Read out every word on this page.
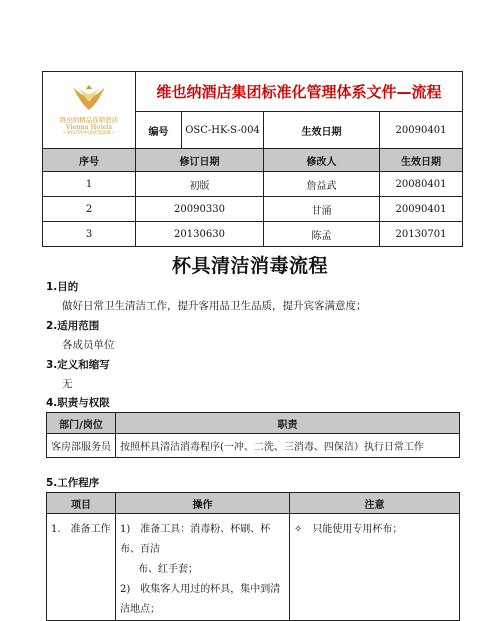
维也纳精品连锁酒店
Vienna Hotels
—VCCTV中国优选品牌—	维也纳酒店集团标准化管理体系文件—流程			
	编号	OSC-HK-S-004	生效日期	20090401
序号	修订日期		修改人	生效日期
1	初版		詹益武	20080401
2	20090330		甘涌	20090401
3	20130630		陈孟	20130701
杯具清洁消毒流程
1.目的
做好日常卫生清洁工作，提升客用品卫生品质，提升宾客满意度；
2.适用范围
各成员单位
3.定义和缩写
无
4.职责与权限
部门/岗位	职责
客房部服务员	按照杯具清洁消毒程序(一冲、二洗、三消毒、四保洁）执行日常工作
5.工作程序
项目	操作	注意

1.　准备工作	1)　准备工具：消毒粉、杯刷、杯布、百洁
布、红手套；
2)　收集客人用过的杯具，集中到清洁地点；	✧　只能使用专用杯布；
